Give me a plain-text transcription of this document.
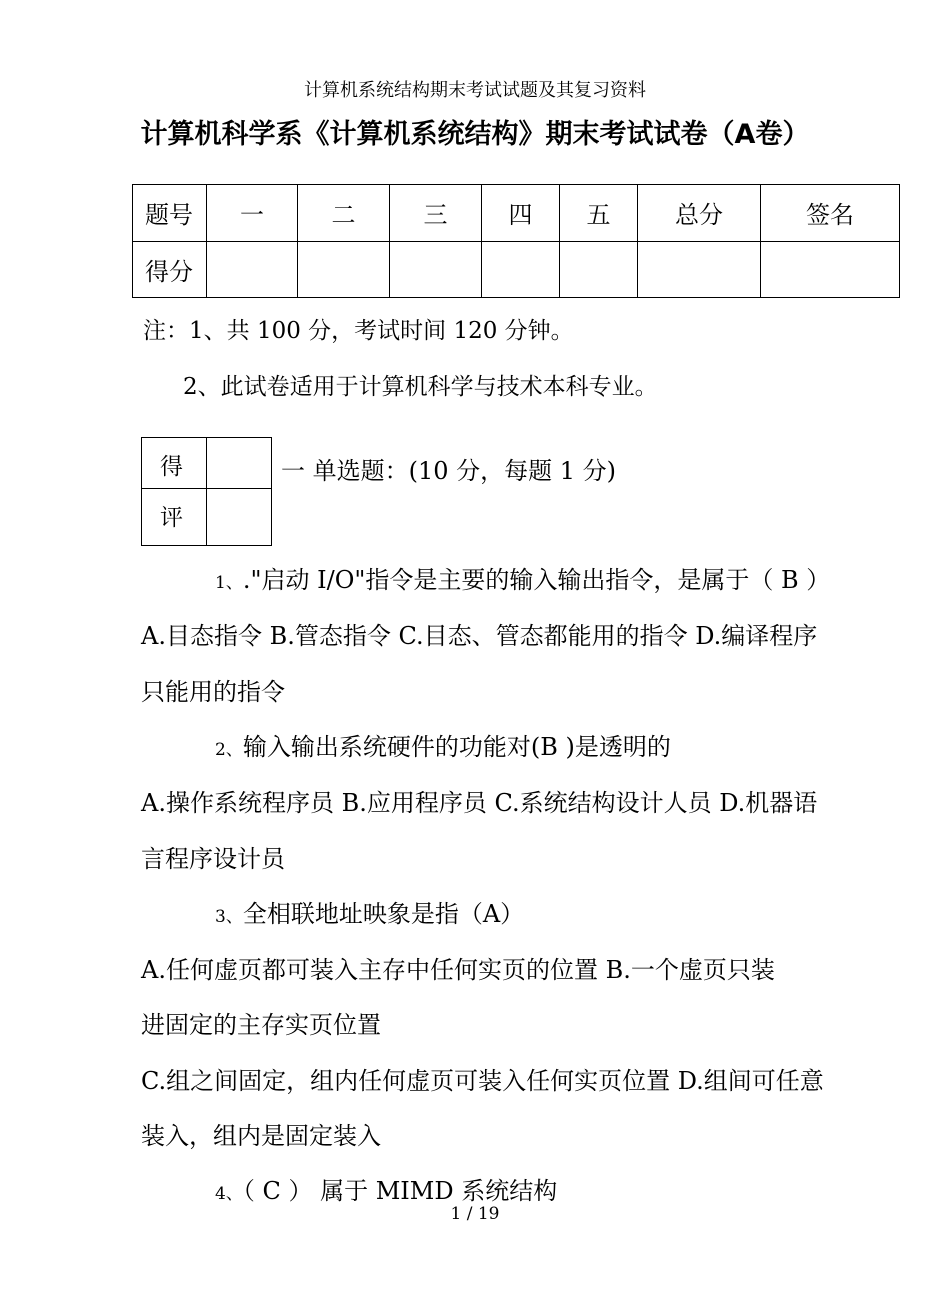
计算机系统结构期末考试试题及其复习资料
计算机科学系《计算机系统结构》期末考试试卷（A卷）
题号	一	二	三	四	五	总分	签名
得分							
注：1、共 100 分，考试时间 120 分钟。
2、此试卷适用于计算机科学与技术本科专业。
得	
评	
一 单选题：(10 分，每题 1 分)
1、."启动 I/O"指令是主要的输入输出指令，是属于（ B ）
A.目态指令 B.管态指令 C.目态、管态都能用的指令 D.编译程序
只能用的指令
2、输入输出系统硬件的功能对(B )是透明的
A.操作系统程序员 B.应用程序员 C.系统结构设计人员 D.机器语
言程序设计员
3、全相联地址映象是指（A）
A.任何虚页都可装入主存中任何实页的位置 B.一个虚页只装
进固定的主存实页位置
C.组之间固定，组内任何虚页可装入任何实页位置 D.组间可任意
装入，组内是固定装入
4、（ C ） 属于 MIMD 系统结构
1 / 19
